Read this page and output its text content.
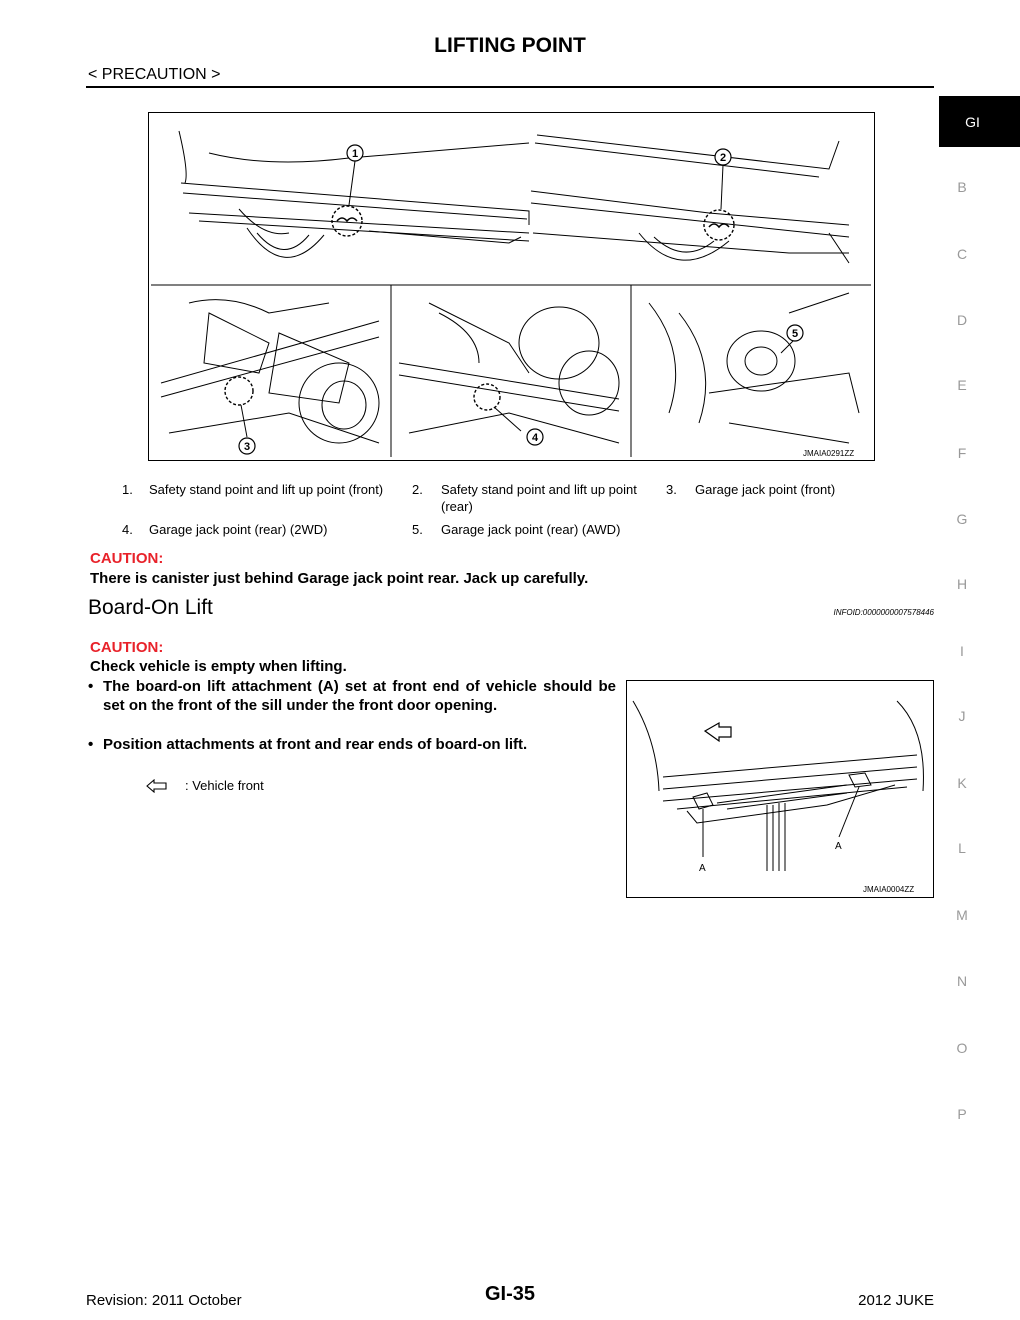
LIFTING POINT
< PRECAUTION >
GI
B
C
D
E
F
G
H
I
J
K
L
M
N
O
P
1	2
3
4
5
JMAIA0291ZZ
1. Safety stand point and lift up point (front)	2. Safety stand point and lift up point (rear)
3. Garage jack point (front)
4. Garage jack point (rear) (2WD)	5. Garage jack point (rear) (AWD)
CAUTION:
There is canister just behind Garage jack point rear. Jack up carefully.
Board-On Lift	INFOID:0000000007578446
CAUTION:
Check vehicle is empty when lifting.
• The board-on lift attachment (A) set at front end of vehicle should be set on the front of the sill under the front door opening.
• Position attachments at front and rear ends of board-on lift.
: Vehicle front
A
A
JMAIA0004ZZ
Revision: 2011 October	GI-35	2012 JUKE
